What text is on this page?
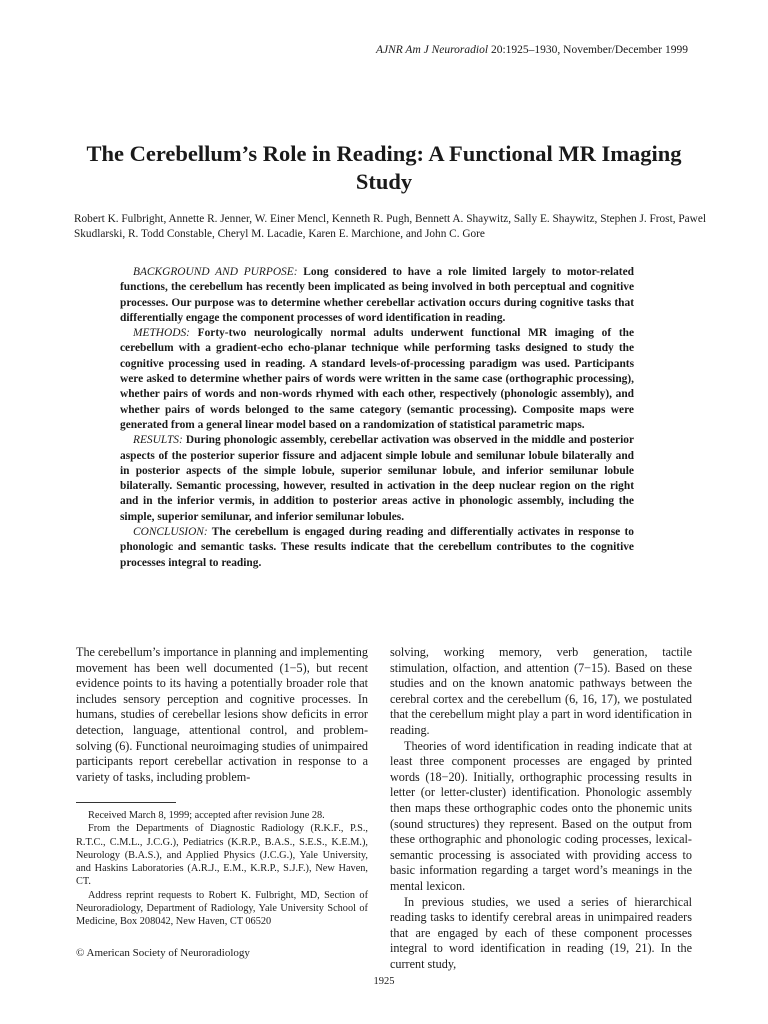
AJNR Am J Neuroradiol 20:1925–1930, November/December 1999
The Cerebellum’s Role in Reading: A Functional MR Imaging Study
Robert K. Fulbright, Annette R. Jenner, W. Einer Mencl, Kenneth R. Pugh, Bennett A. Shaywitz, Sally E. Shaywitz, Stephen J. Frost, Pawel Skudlarski, R. Todd Constable, Cheryl M. Lacadie, Karen E. Marchione, and John C. Gore

BACKGROUND AND PURPOSE: Long considered to have a role limited largely to motor-related functions, the cerebellum has recently been implicated as being involved in both perceptual and cognitive processes. Our purpose was to determine whether cerebellar activation occurs during cognitive tasks that differentially engage the component processes of word identification in reading.

METHODS: Forty-two neurologically normal adults underwent functional MR imaging of the cerebellum with a gradient-echo echo-planar technique while performing tasks designed to study the cognitive processing used in reading. A standard levels-of-processing paradigm was used. Participants were asked to determine whether pairs of words were written in the same case (orthographic processing), whether pairs of words and non-words rhymed with each other, respectively (phonologic assembly), and whether pairs of words belonged to the same category (semantic processing). Composite maps were generated from a general linear model based on a randomization of statistical parametric maps.

RESULTS: During phonologic assembly, cerebellar activation was observed in the middle and posterior aspects of the posterior superior fissure and adjacent simple lobule and semilunar lobule bilaterally and in posterior aspects of the simple lobule, superior semilunar lobule, and inferior semilunar lobule bilaterally. Semantic processing, however, resulted in activation in the deep nuclear region on the right and in the inferior vermis, in addition to posterior areas active in phonologic assembly, including the simple, superior semilunar, and inferior semilunar lobules.

CONCLUSION: The cerebellum is engaged during reading and differentially activates in response to phonologic and semantic tasks. These results indicate that the cerebellum contributes to the cognitive processes integral to reading.

The cerebellum’s importance in planning and implementing movement has been well documented (1−5), but recent evidence points to its having a potentially broader role that includes sensory perception and cognitive processes. In humans, studies of cerebellar lesions show deficits in error detection, language, attentional control, and problem-solving (6). Functional neuroimaging studies of unimpaired participants report cerebellar activation in response to a variety of tasks, including problem-

Received March 8, 1999; accepted after revision June 28.

From the Departments of Diagnostic Radiology (R.K.F., P.S., R.T.C., C.M.L., J.C.G.), Pediatrics (K.R.P., B.A.S., S.E.S., K.E.M.), Neurology (B.A.S.), and Applied Physics (J.C.G.), Yale University, and Haskins Laboratories (A.R.J., E.M., K.R.P., S.J.F.), New Haven, CT.

Address reprint requests to Robert K. Fulbright, MD, Section of Neuroradiology, Department of Radiology, Yale University School of Medicine, Box 208042, New Haven, CT 06520

© American Society of Neuroradiology

solving, working memory, verb generation, tactile stimulation, olfaction, and attention (7−15). Based on these studies and on the known anatomic pathways between the cerebral cortex and the cerebellum (6, 16, 17), we postulated that the cerebellum might play a part in word identification in reading.

Theories of word identification in reading indicate that at least three component processes are engaged by printed words (18−20). Initially, orthographic processing results in letter (or letter-cluster) identification. Phonologic assembly then maps these orthographic codes onto the phonemic units (sound structures) they represent. Based on the output from these orthographic and phonologic coding processes, lexical-semantic processing is associated with providing access to basic information regarding a target word’s meanings in the mental lexicon.

In previous studies, we used a series of hierarchical reading tasks to identify cerebral areas in unimpaired readers that are engaged by each of these component processes integral to word identification in reading (19, 21). In the current study,

1925
